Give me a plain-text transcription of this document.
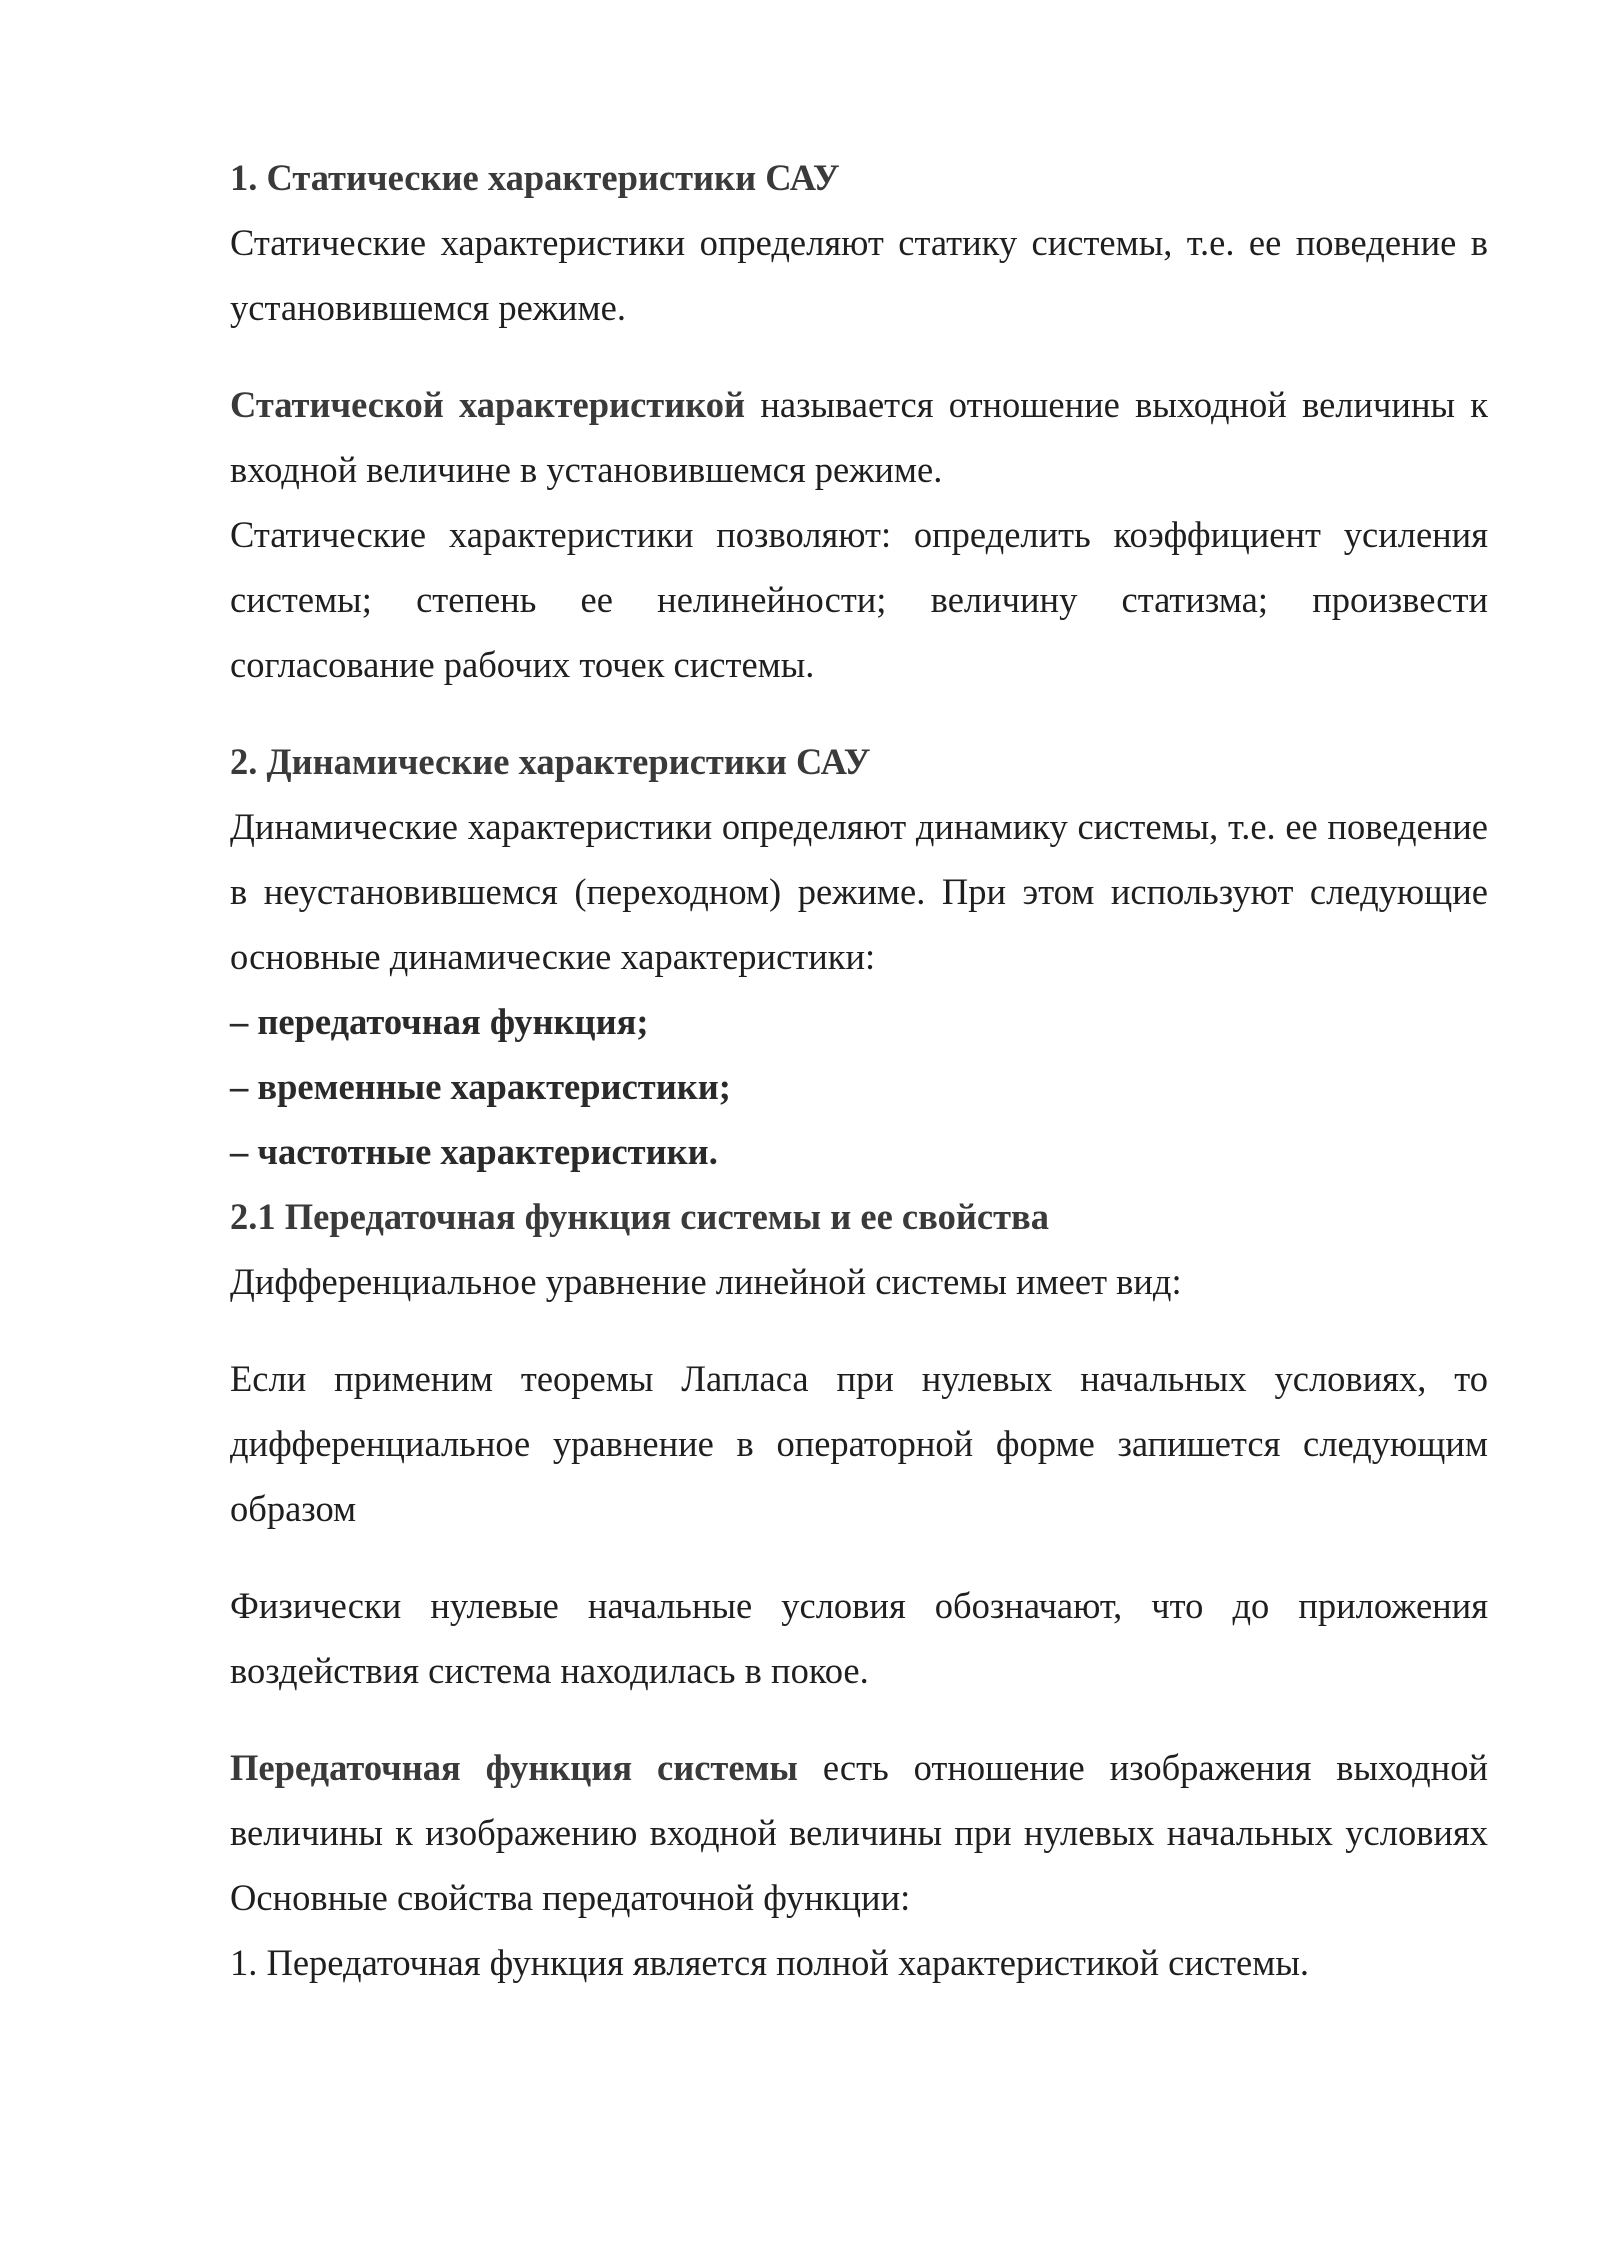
1. Статические характеристики САУ

Статические характеристики определяют статику системы, т.е. ее поведение в установившемся режиме.

Статической характеристикой называется отношение выходной величины к входной величине в установившемся режиме.

Статические характеристики позволяют: определить коэффициент усиления системы; степень ее нелинейности; величину статизма; произвести согласование рабочих точек системы.

2. Динамические характеристики САУ

Динамические характеристики определяют динамику системы, т.е. ее поведение в неустановившемся (переходном) режиме. При этом используют следующие основные динамические характеристики:

– передаточная функция;

– временные характеристики;

– частотные характеристики.

2.1 Передаточная функция системы и ее свойства

Дифференциальное уравнение линейной системы имеет вид:

Если применим теоремы Лапласа при нулевых начальных условиях, то дифференциальное уравнение в операторной форме запишется следующим образом

Физически нулевые начальные условия обозначают, что до приложения воздействия система находилась в покое.

Передаточная функция системы есть отношение изображения выходной величины к изображению входной величины при нулевых начальных условиях Основные свойства передаточной функции:

1. Передаточная функция является полной характеристикой системы.
